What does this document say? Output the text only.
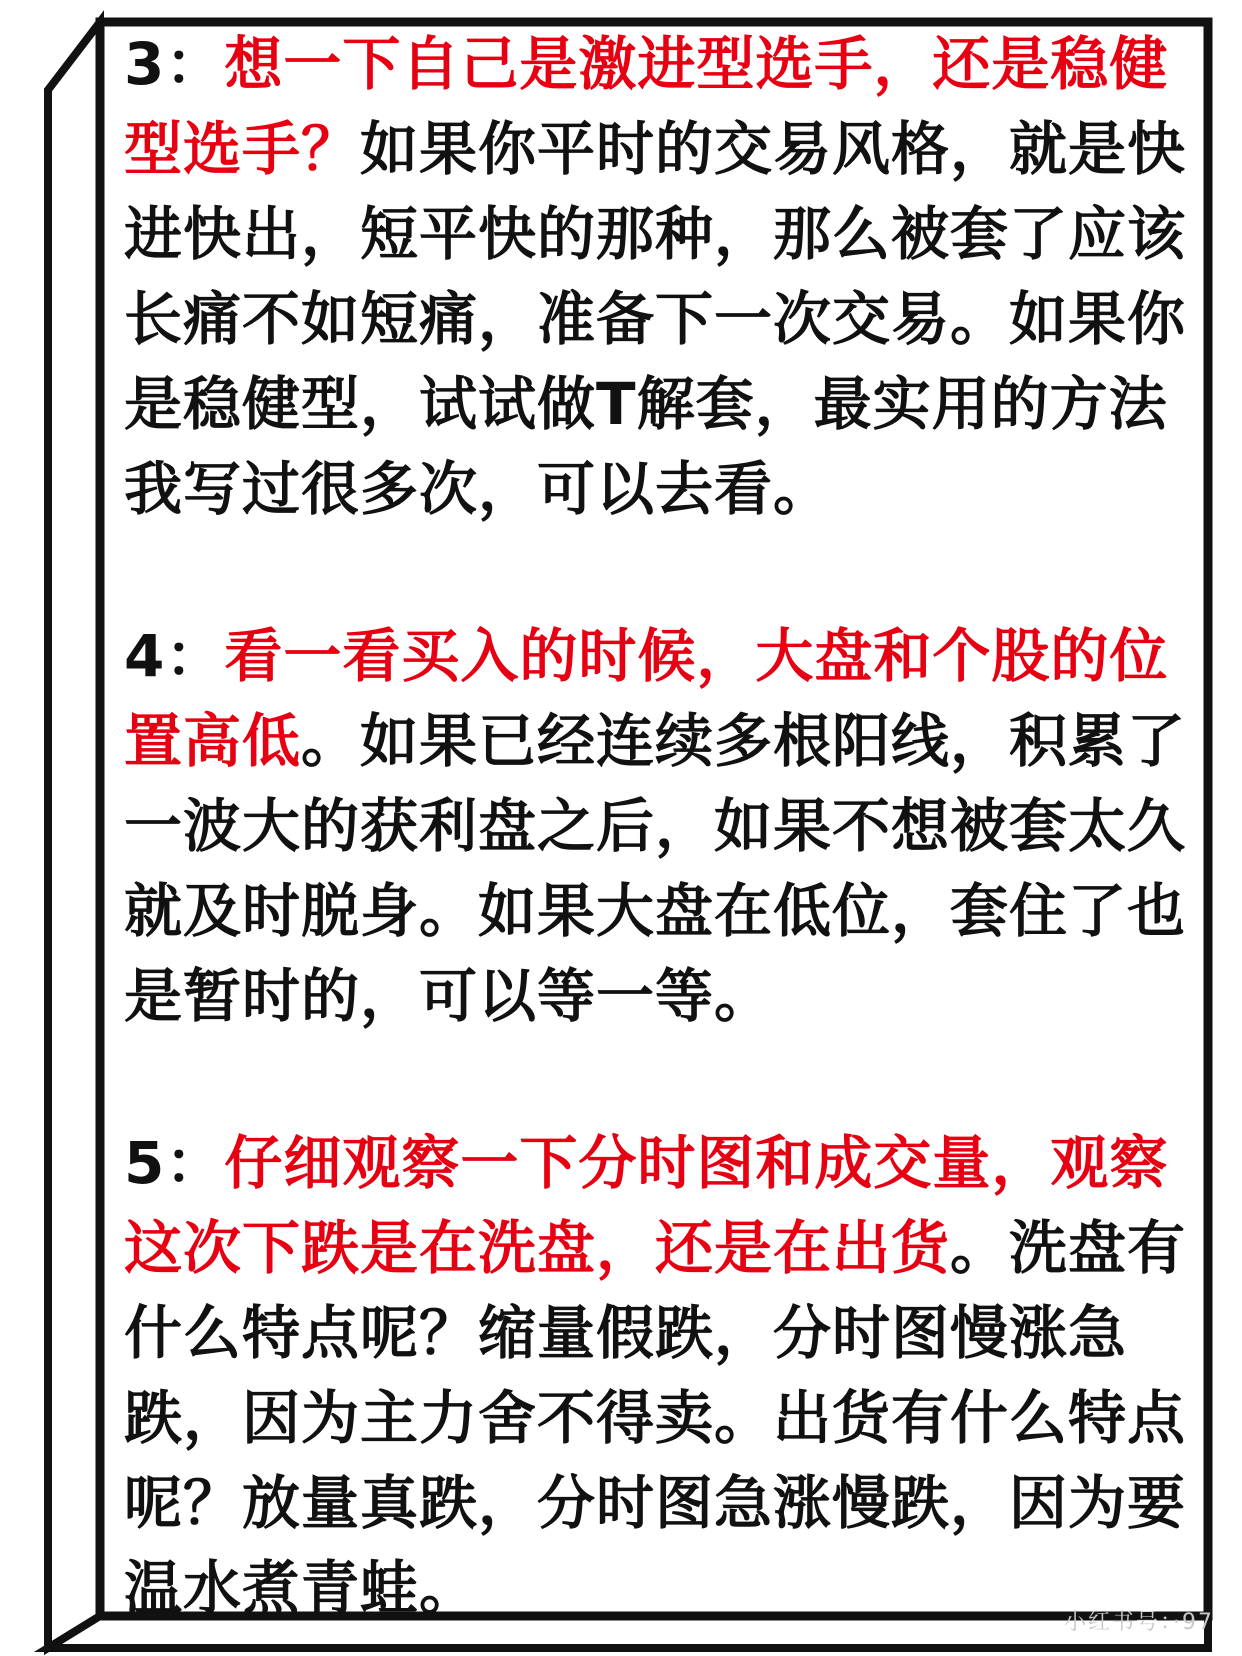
3：想一下自己是激进型选手，还是稳健型选手？如果你平时的交易风格，就是快进快出，短平快的那种，那么被套了应该长痛不如短痛，准备下一次交易。如果你是稳健型，试试做T解套，最实用的方法我写过很多次，可以去看。

4：看一看买入的时候，大盘和个股的位置高低。如果已经连续多根阳线，积累了一波大的获利盘之后，如果不想被套太久就及时脱身。如果大盘在低位，套住了也是暂时的，可以等一等。

5：仔细观察一下分时图和成交量，观察这次下跌是在洗盘，还是在出货。洗盘有什么特点呢？缩量假跌，分时图慢涨急跌，因为主力舍不得卖。出货有什么特点呢？放量真跌，分时图急涨慢跌，因为要温水煮青蛙。

小红书号：·97
